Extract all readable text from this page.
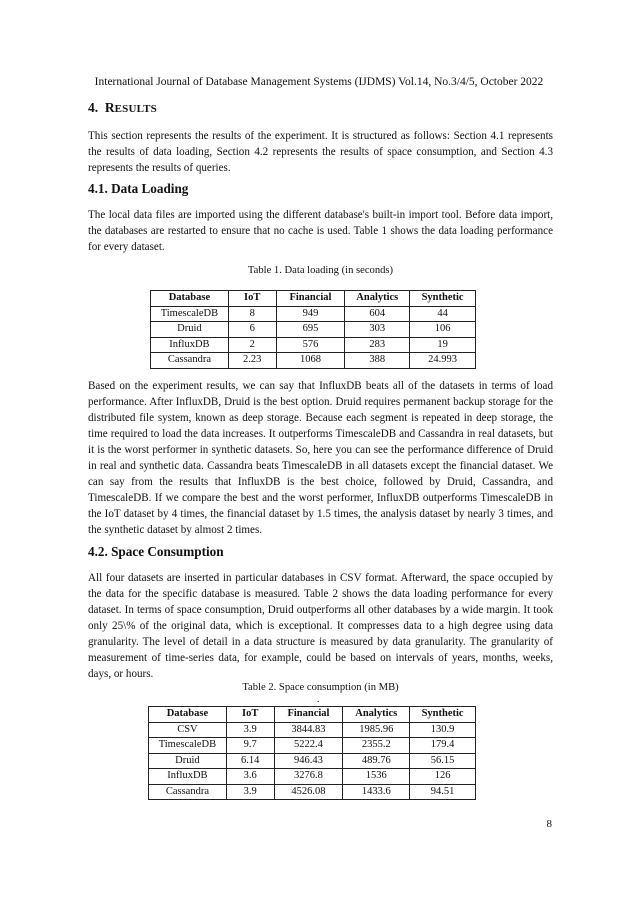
International Journal of Database Management Systems (IJDMS) Vol.14, No.3/4/5, October 2022
4. RESULTS

This section represents the results of the experiment. It is structured as follows: Section 4.1 represents the results of data loading, Section 4.2 represents the results of space consumption, and Section 4.3 represents the results of queries.

4.1. Data Loading

The local data files are imported using the different database's built-in import tool. Before data import, the databases are restarted to ensure that no cache is used. Table 1 shows the data loading performance for every dataset.

Table 1. Data loading (in seconds)

Database	IoT	Financial	Analytics	Synthetic
TimescaleDB	8	949	604	44
Druid	6	695	303	106
InfluxDB	2	576	283	19
Cassandra	2.23	1068	388	24.993

Based on the experiment results, we can say that InfluxDB beats all of the datasets in terms of load performance. After InfluxDB, Druid is the best option. Druid requires permanent backup storage for the distributed file system, known as deep storage. Because each segment is repeated in deep storage, the time required to load the data increases. It outperforms TimescaleDB and Cassandra in real datasets, but it is the worst performer in synthetic datasets. So, here you can see the performance difference of Druid in real and synthetic data. Cassandra beats TimescaleDB in all datasets except the financial dataset. We can say from the results that InfluxDB is the best choice, followed by Druid, Cassandra, and TimescaleDB. If we compare the best and the worst performer, InfluxDB outperforms TimescaleDB in the IoT dataset by 4 times, the financial dataset by 1.5 times, the analysis dataset by nearly 3 times, and the synthetic dataset by almost 2 times.

4.2. Space Consumption

All four datasets are inserted in particular databases in CSV format. Afterward, the space occupied by the data for the specific database is measured. Table 2 shows the data loading performance for every dataset. In terms of space consumption, Druid outperforms all other databases by a wide margin. It took only 25\% of the original data, which is exceptional. It compresses data to a high degree using data granularity. The level of detail in a data structure is measured by data granularity. The granularity of measurement of time-series data, for example, could be based on intervals of years, months, weeks, days, or hours.

Table 2. Space consumption (in MB)

.
Database	IoT	Financial	Analytics	Synthetic
CSV	3.9	3844.83	1985.96	130.9
TimescaleDB	9.7	5222.4	2355.2	179.4
Druid	6.14	946.43	489.76	56.15
InfluxDB	3.6	3276.8	1536	126
Cassandra	3.9	4526.08	1433.6	94.51
8
